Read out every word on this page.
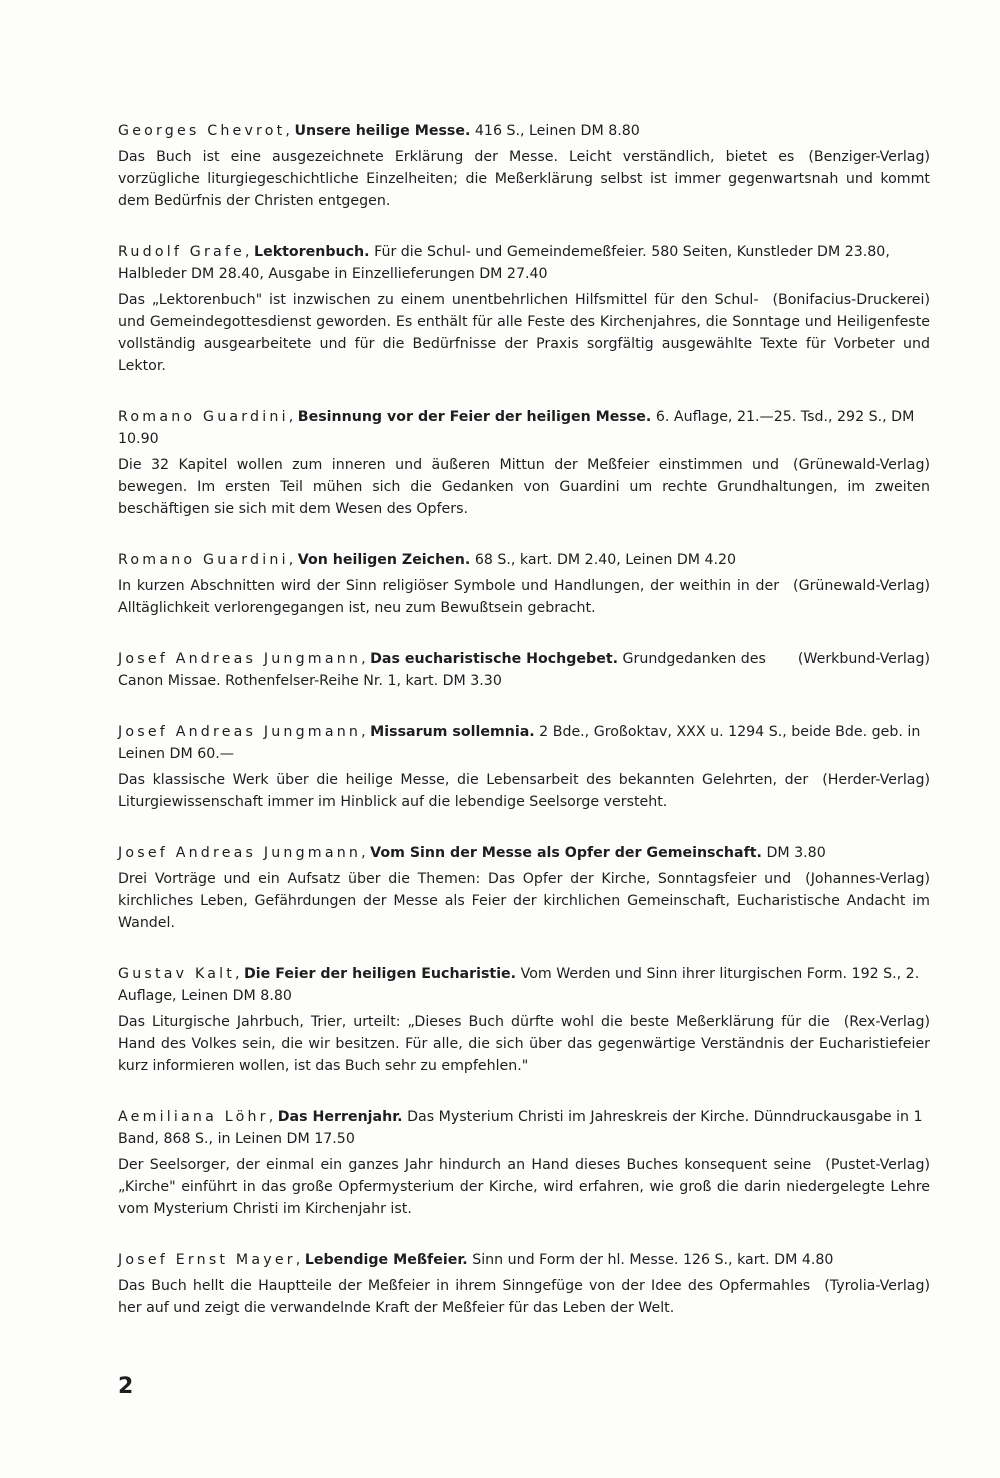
Georges Chevrot, Unsere heilige Messe. 416 S., Leinen DM 8.80

(Benziger-Verlag)
Das Buch ist eine ausgezeichnete Erklärung der Messe. Leicht verständlich, bietet es vorzügliche liturgiegeschichtliche Einzelheiten; die Meßerklärung selbst ist immer gegenwartsnah und kommt dem Bedürfnis der Christen entgegen.

Rudolf Grafe, Lektorenbuch. Für die Schul- und Gemeindemeßfeier. 580 Seiten, Kunstleder DM 23.80, Halbleder DM 28.40, Ausgabe in Einzellieferungen DM 27.40

(Bonifacius-Druckerei)
Das „Lektorenbuch" ist inzwischen zu einem unentbehrlichen Hilfsmittel für den Schul- und Gemeindegottesdienst geworden. Es enthält für alle Feste des Kirchenjahres, die Sonntage und Heiligenfeste vollständig ausgearbeitete und für die Bedürfnisse der Praxis sorgfältig ausgewählte Texte für Vorbeter und Lektor.

Romano Guardini, Besinnung vor der Feier der heiligen Messe. 6. Auflage, 21.—25. Tsd., 292 S., DM 10.90

(Grünewald-Verlag)
Die 32 Kapitel wollen zum inneren und äußeren Mittun der Meßfeier einstimmen und bewegen. Im ersten Teil mühen sich die Gedanken von Guardini um rechte Grundhaltungen, im zweiten beschäftigen sie sich mit dem Wesen des Opfers.

Romano Guardini, Von heiligen Zeichen. 68 S., kart. DM 2.40, Leinen DM 4.20

(Grünewald-Verlag)
In kurzen Abschnitten wird der Sinn religiöser Symbole und Handlungen, der weithin in der Alltäglichkeit verlorengegangen ist, neu zum Bewußtsein gebracht.

(Werkbund-Verlag)
Josef Andreas Jungmann, Das eucharistische Hochgebet. Grundgedanken des Canon Missae. Rothenfelser-Reihe Nr. 1, kart. DM 3.30

Josef Andreas Jungmann, Missarum sollemnia. 2 Bde., Großoktav, XXX u. 1294 S., beide Bde. geb. in Leinen DM 60.—

(Herder-Verlag)
Das klassische Werk über die heilige Messe, die Lebensarbeit des bekannten Gelehrten, der Liturgiewissenschaft immer im Hinblick auf die lebendige Seelsorge versteht.

Josef Andreas Jungmann, Vom Sinn der Messe als Opfer der Gemeinschaft. DM 3.80

(Johannes-Verlag)
Drei Vorträge und ein Aufsatz über die Themen: Das Opfer der Kirche, Sonntagsfeier und kirchliches Leben, Gefährdungen der Messe als Feier der kirchlichen Gemeinschaft, Eucharistische Andacht im Wandel.

Gustav Kalt, Die Feier der heiligen Eucharistie. Vom Werden und Sinn ihrer liturgischen Form. 192 S., 2. Auflage, Leinen DM 8.80

(Rex-Verlag)
Das Liturgische Jahrbuch, Trier, urteilt: „Dieses Buch dürfte wohl die beste Meßerklärung für die Hand des Volkes sein, die wir besitzen. Für alle, die sich über das gegenwärtige Verständnis der Eucharistiefeier kurz informieren wollen, ist das Buch sehr zu empfehlen."

Aemiliana Löhr, Das Herrenjahr. Das Mysterium Christi im Jahreskreis der Kirche. Dünndruckausgabe in 1 Band, 868 S., in Leinen DM 17.50

(Pustet-Verlag)
Der Seelsorger, der einmal ein ganzes Jahr hindurch an Hand dieses Buches konsequent seine „Kirche" einführt in das große Opfermysterium der Kirche, wird erfahren, wie groß die darin niedergelegte Lehre vom Mysterium Christi im Kirchenjahr ist.

Josef Ernst Mayer, Lebendige Meßfeier. Sinn und Form der hl. Messe. 126 S., kart. DM 4.80

(Tyrolia-Verlag)
Das Buch hellt die Hauptteile der Meßfeier in ihrem Sinngefüge von der Idee des Opfermahles her auf und zeigt die verwandelnde Kraft der Meßfeier für das Leben der Welt.

2
